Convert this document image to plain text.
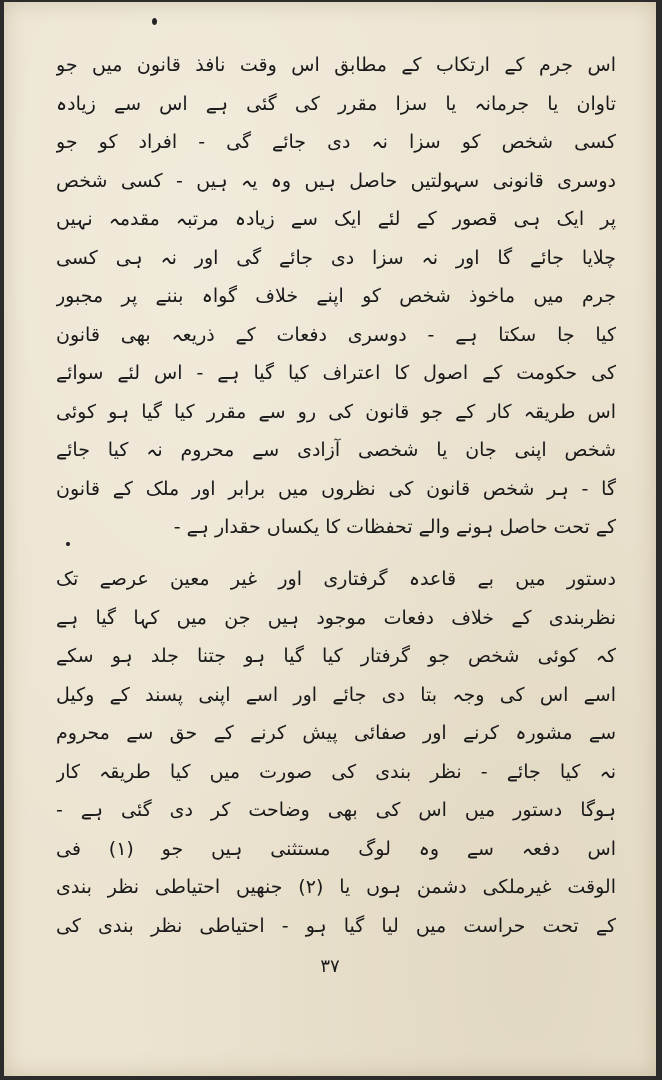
اس جرم کے ارتکاب کے مطابق اس وقت نافذ قانون میں جو
تاوان یا جرمانہ یا سزا مقرر کی گئی ہے اس سے زیادہ
کسی شخص کو سزا نہ دی جائے گی - افراد کو جو
دوسری قانونی سہولتیں حاصل ہیں وہ یہ ہیں - کسی شخص
پر ایک ہی قصور کے لئے ایک سے زیادہ مرتبہ مقدمہ نہیں
چلایا جائے گا اور نہ سزا دی جائے گی اور نہ ہی کسی
جرم میں ماخوذ شخص کو اپنے خلاف گواہ بننے پر مجبور
کیا جا سکتا ہے - دوسری دفعات کے ذریعہ بھی قانون
کی حکومت کے اصول کا اعتراف کیا گیا ہے - اس لئے سوائے
اس طریقہ کار کے جو قانون کی رو سے مقرر کیا گیا ہو کوئی
شخص اپنی جان یا شخصی آزادی سے محروم نہ کیا جائے
گا - ہر شخص قانون کی نظروں میں برابر اور ملک کے قانون
کے تحت حاصل ہونے والے تحفظات کا یکساں حقدار ہے -
دستور میں بے قاعدہ گرفتاری اور غیر معین عرصے تک
نظربندی کے خلاف دفعات موجود ہیں جن میں کہا گیا ہے
کہ کوئی شخص جو گرفتار کیا گیا ہو جتنا جلد ہو سکے
اسے اس کی وجہ بتا دی جائے اور اسے اپنی پسند کے وکیل
سے مشورہ کرنے اور صفائی پیش کرنے کے حق سے محروم
نہ کیا جائے - نظر بندی کی صورت میں کیا طریقہ کار
ہوگا دستور میں اس کی بھی وضاحت کر دی گئی ہے -
اس دفعہ سے وہ لوگ مستثنی ہیں جو (۱) فی
الوقت غیرملکی دشمن ہوں یا (۲) جنھیں احتیاطی نظر بندی
کے تحت حراست میں لیا گیا ہو - احتیاطی نظر بندی کی
۳۷
